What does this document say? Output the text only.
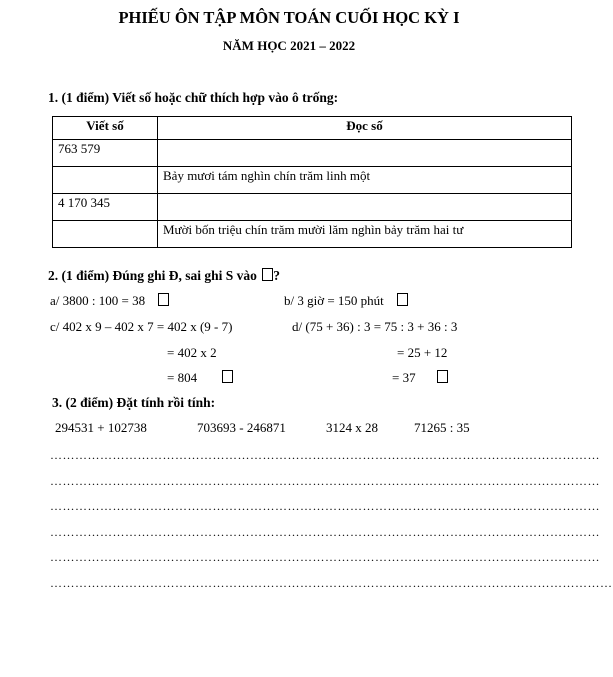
PHIẾU ÔN TẬP MÔN TOÁN CUỐI HỌC KỲ I
NĂM HỌC 2021 – 2022
1. (1 điểm) Viết số hoặc chữ thích hợp vào ô trống:
Viết số	Đọc số
763 579	
	Bảy mươi tám nghìn chín trăm linh một
4 170 345	
	Mười bốn triệu chín trăm mười lăm nghìn bảy trăm hai tư
2. (1 điểm) Đúng ghi Đ, sai ghi S vào ?
a/ 3800 : 100 = 38	b/ 3 giờ = 150 phút
c/ 402 x 9 – 402 x 7 = 402 x (9 - 7)	d/ (75 + 36) : 3 = 75 : 3 + 36 : 3
= 402 x 2	= 25 + 12
= 804	= 37
3. (2 điểm) Đặt tính rồi tính:
294531 + 102738	703693 - 246871	3124 x 28	71265 : 35
……………………………………………………………………………………………………………………
……………………………………………………………………………………………………………………
……………………………………………………………………………………………………………………
……………………………………………………………………………………………………………………
……………………………………………………………………………………………………………………
………………………………………………………………………………………………………………………
